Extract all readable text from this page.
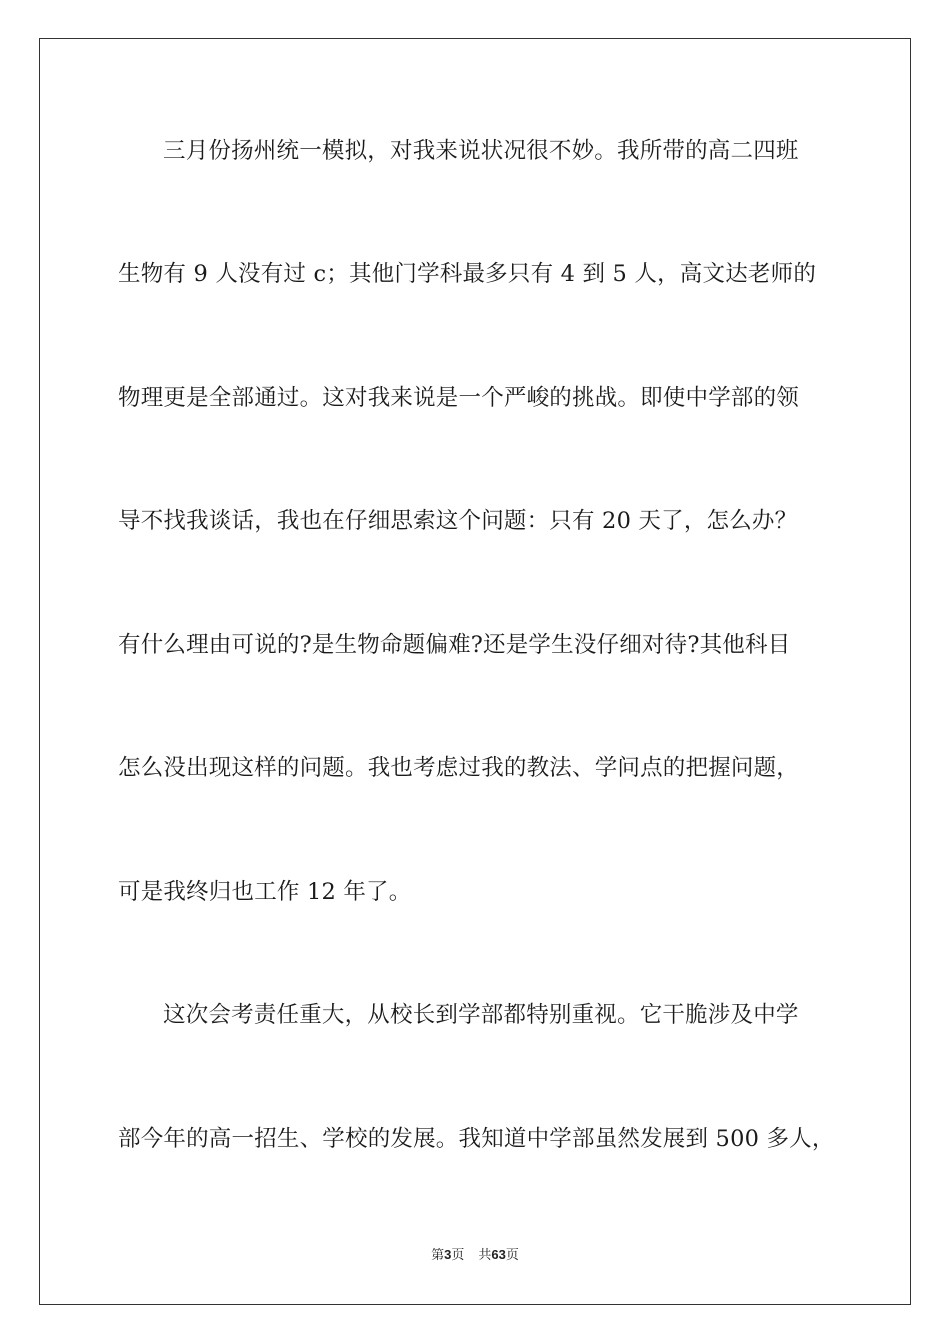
三月份扬州统一模拟，对我来说状况很不妙。我所带的高二四班
生物有 9 人没有过 c；其他门学科最多只有 4 到 5 人，高文达老师的
物理更是全部通过。这对我来说是一个严峻的挑战。即使中学部的领
导不找我谈话，我也在仔细思索这个问题：只有 20 天了，怎么办？
有什么理由可说的?是生物命题偏难?还是学生没仔细对待?其他科目
怎么没出现这样的问题。我也考虑过我的教法、学问点的把握问题，
可是我终归也工作 12 年了。
这次会考责任重大，从校长到学部都特别重视。它干脆涉及中学
部今年的高一招生、学校的发展。我知道中学部虽然发展到 500 多人，
第3页 共63页
